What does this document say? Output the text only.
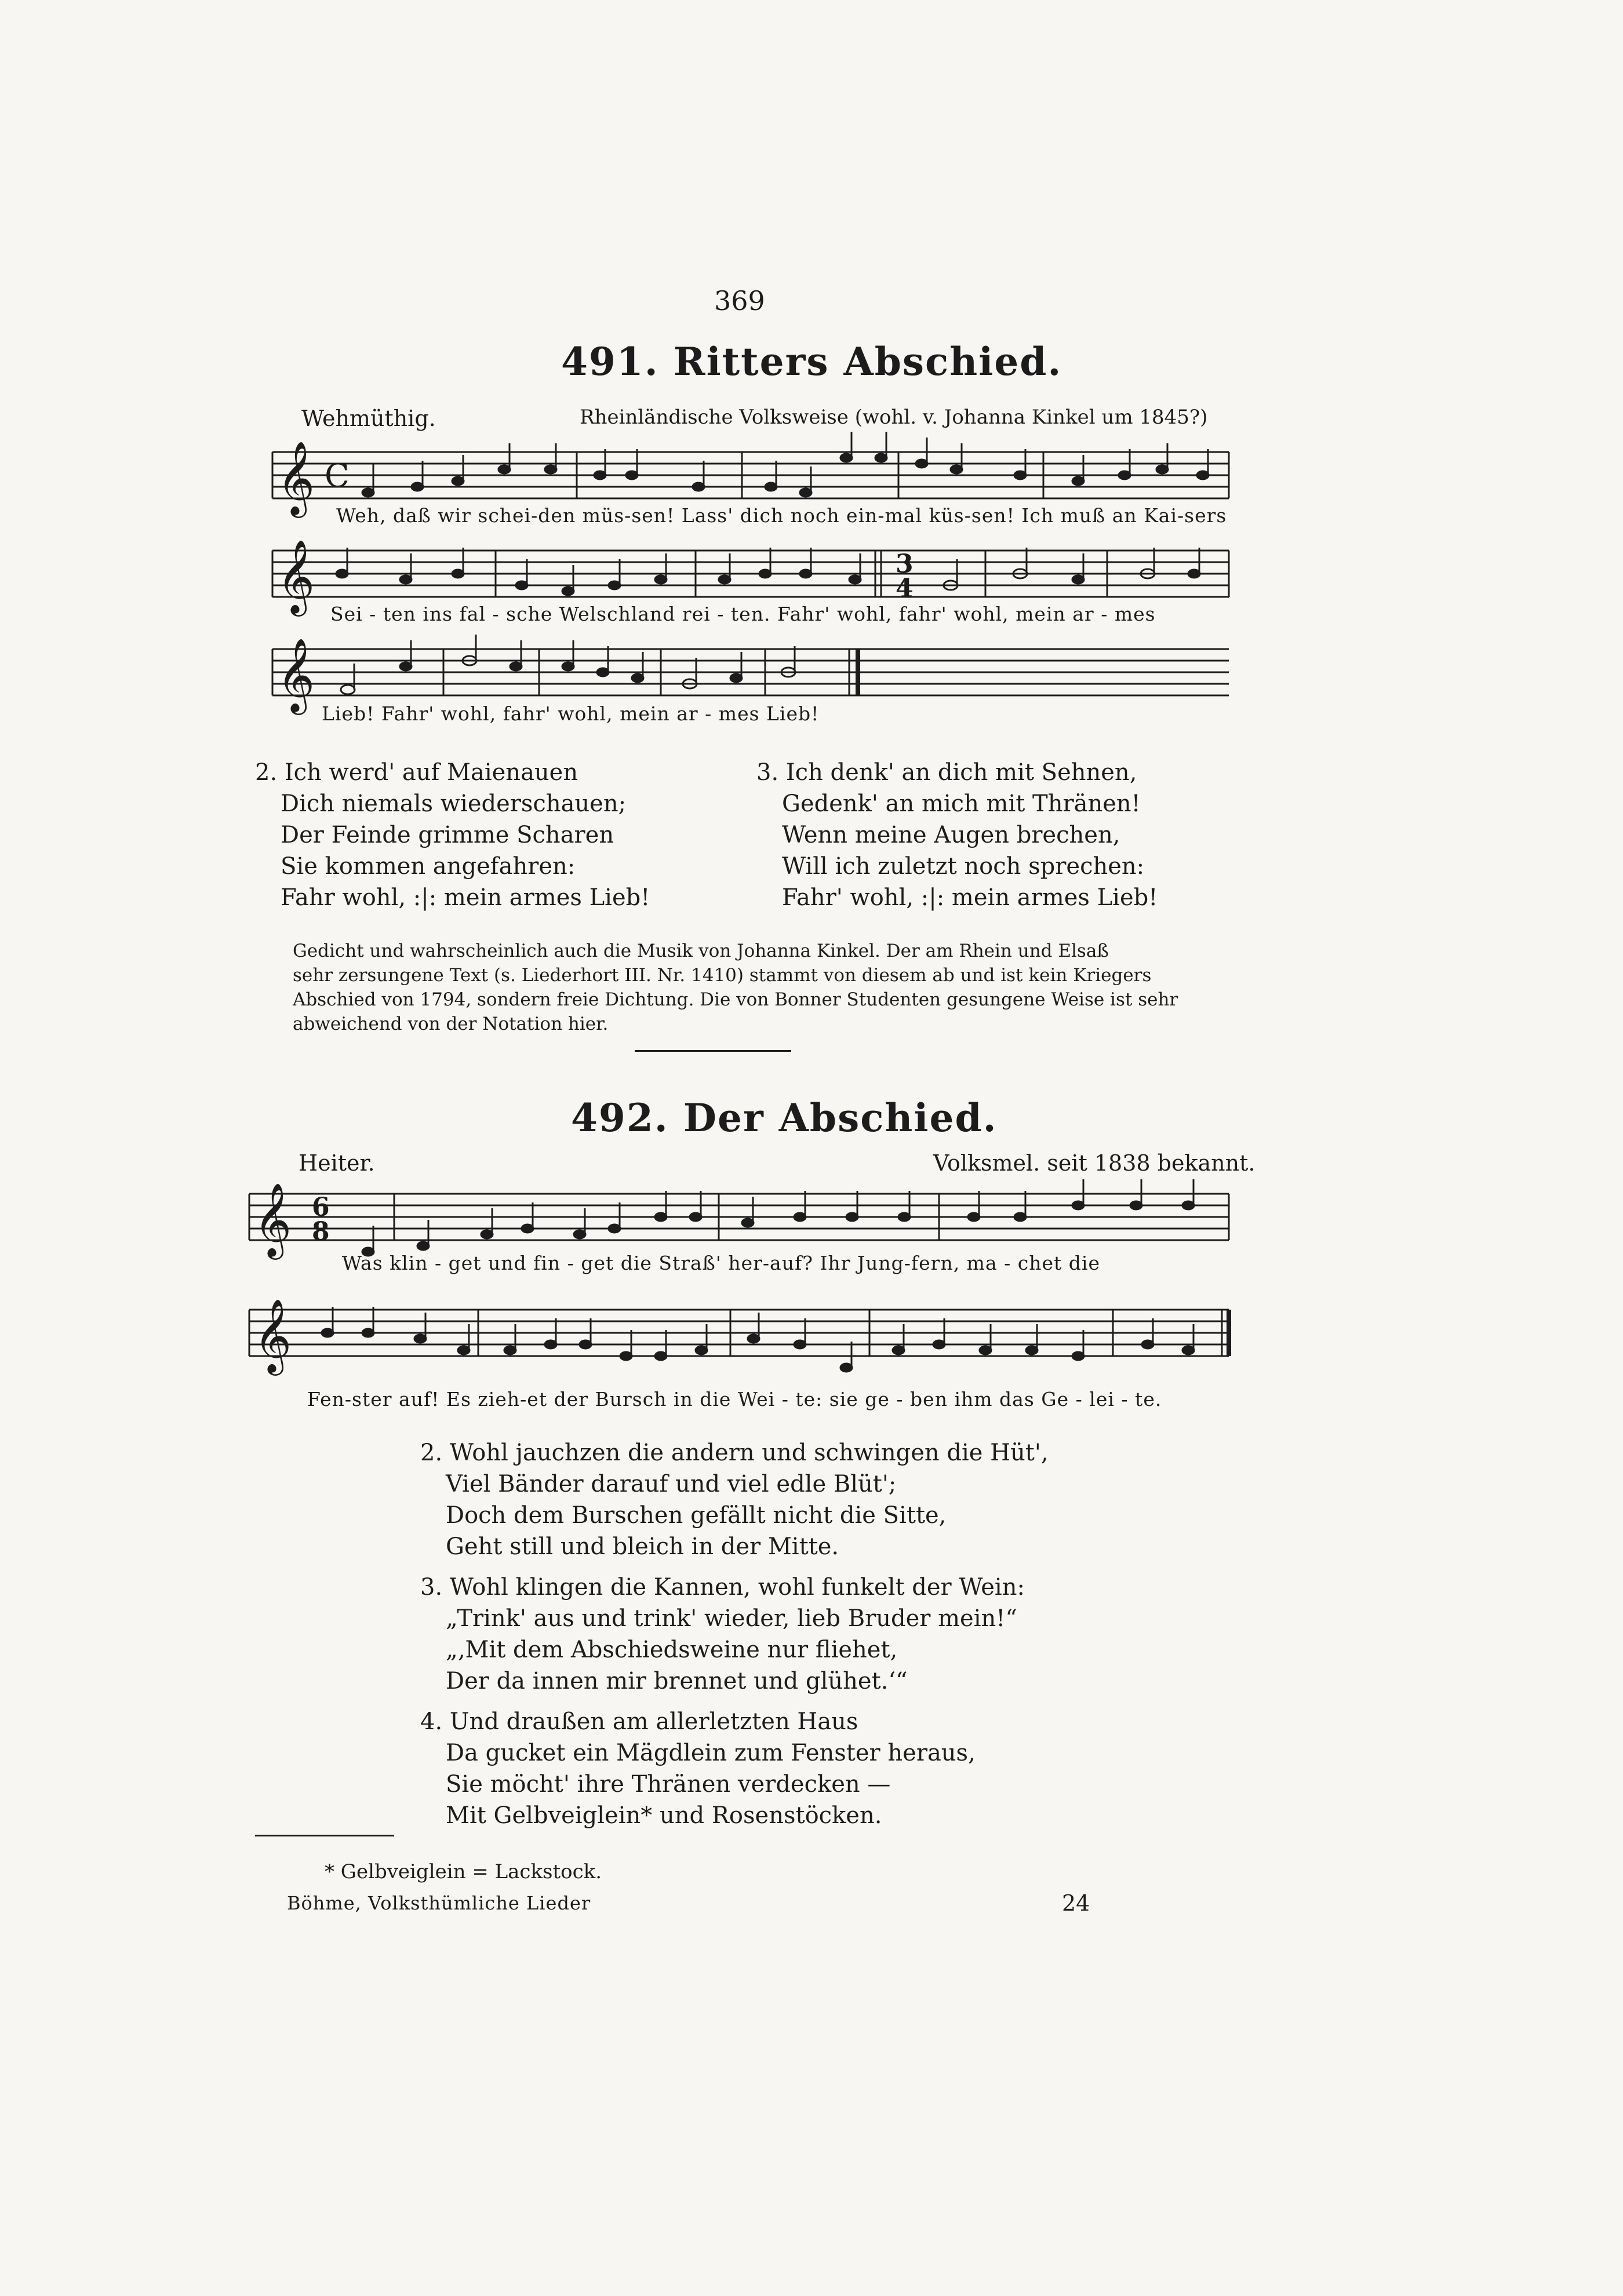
369
491. Ritters Abschied.
Wehmüthig.	Rheinländische Volksweise (wohl. v. Johanna Kinkel um 1845?)
𝄞 C
Weh, daß wir schei-den müs-sen! Lass' dich noch ein-mal küs-sen! Ich muß an Kai-sers
𝄞	3
4
Sei - ten ins fal - sche Welschland rei - ten. Fahr' wohl, fahr' wohl, mein ar - mes
𝄞
Lieb! Fahr' wohl, fahr' wohl, mein ar - mes Lieb!
2. Ich werd' auf Maienauen
Dich niemals wiederschauen;
Der Feinde grimme Scharen
Sie kommen angefahren:
Fahr wohl, :|: mein armes Lieb!
3. Ich denk' an dich mit Sehnen,
Gedenk' an mich mit Thränen!
Wenn meine Augen brechen,
Will ich zuletzt noch sprechen:
Fahr' wohl, :|: mein armes Lieb!
Gedicht und wahrscheinlich auch die Musik von Johanna Kinkel. Der am Rhein und Elsaß
sehr zersungene Text (s. Liederhort III. Nr. 1410) stammt von diesem ab und ist kein Kriegers
Abschied von 1794, sondern freie Dichtung. Die von Bonner Studenten gesungene Weise ist sehr
abweichend von der Notation hier.
492. Der Abschied.
Heiter.	Volksmel. seit 1838 bekannt.
𝄞 6
8
Was klin - get und fin - get die Straß' her-auf? Ihr Jung-fern, ma - chet die
𝄞
Fen-ster auf! Es zieh-et der Bursch in die Wei - te: sie ge - ben ihm das Ge - lei - te.
2. Wohl jauchzen die andern und schwingen die Hüt',
Viel Bänder darauf und viel edle Blüt';
Doch dem Burschen gefällt nicht die Sitte,
Geht still und bleich in der Mitte.
3. Wohl klingen die Kannen, wohl funkelt der Wein:
„Trink' aus und trink' wieder, lieb Bruder mein!“
„‚Mit dem Abschiedsweine nur fliehet,
Der da innen mir brennet und glühet.‘“
4. Und draußen am allerletzten Haus
Da gucket ein Mägdlein zum Fenster heraus,
Sie möcht' ihre Thränen verdecken —
Mit Gelbveiglein* und Rosenstöcken.
* Gelbveiglein = Lackstock.
Böhme, Volksthümliche Lieder	24
